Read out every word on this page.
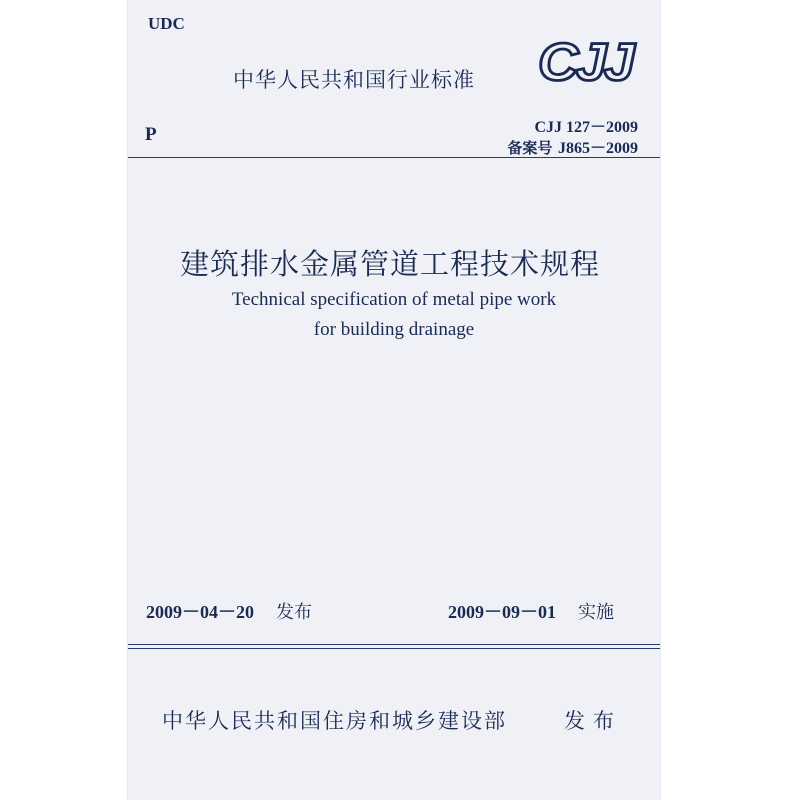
UDC
中华人民共和国行业标准 CJJ
P	CJJ 127－2009
备案号 J865－2009
建筑排水金属管道工程技术规程
Technical specification of metal pipe work
for building drainage
2009－04－20 发布	2009－09－01 实施
中华人民共和国住房和城乡建设部	发布
